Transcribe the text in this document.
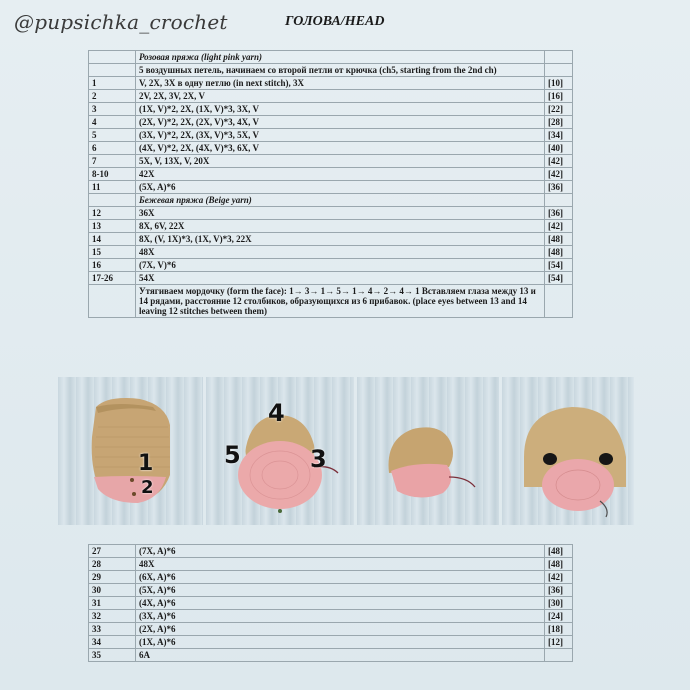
@pupsichka_crochet	ГОЛОВА/HEAD
	Розовая пряжа (light pink yarn)	
	5 воздушных петель, начинаем со второй петли от крючка (ch5, starting from the 2nd ch)	
1	V, 2X, 3X в одну петлю (in next stitch), 3X	[10]
2	2V, 2X, 3V, 2X, V	[16]
3	(1X, V)*2, 2X, (1X, V)*3, 3X, V	[22]
4	(2X, V)*2, 2X, (2X, V)*3, 4X, V	[28]
5	(3X, V)*2, 2X, (3X, V)*3, 5X, V	[34]
6	(4X, V)*2, 2X, (4X, V)*3, 6X, V	[40]
7	5X, V, 13X, V, 20X	[42]
8-10	42X	[42]
11	(5X, A)*6	[36]
	Бежевая пряжа (Beige yarn)	
12	36X	[36]
13	8X, 6V, 22X	[42]
14	8X, (V, 1X)*3, (1X, V)*3, 22X	[48]
15	48X	[48]
16	(7X, V)*6	[54]
17-26	54X	[54]
	Утягиваем мордочку (form the face): 1→ 3→ 1→ 5→ 1→ 4→ 2→ 4→ 1 Вставляем глаза между 13 и 14 рядами, расстояние 12 столбиков, образующихся из 6 прибавок. (place eyes between 13 and 14 leaving 12 stitches between them)	
1
2
5
4
3
27	(7X, A)*6	[48]
28	48X	[48]
29	(6X, A)*6	[42]
30	(5X, A)*6	[36]
31	(4X, A)*6	[30]
32	(3X, A)*6	[24]
33	(2X, A)*6	[18]
34	(1X, A)*6	[12]
35	6A	
